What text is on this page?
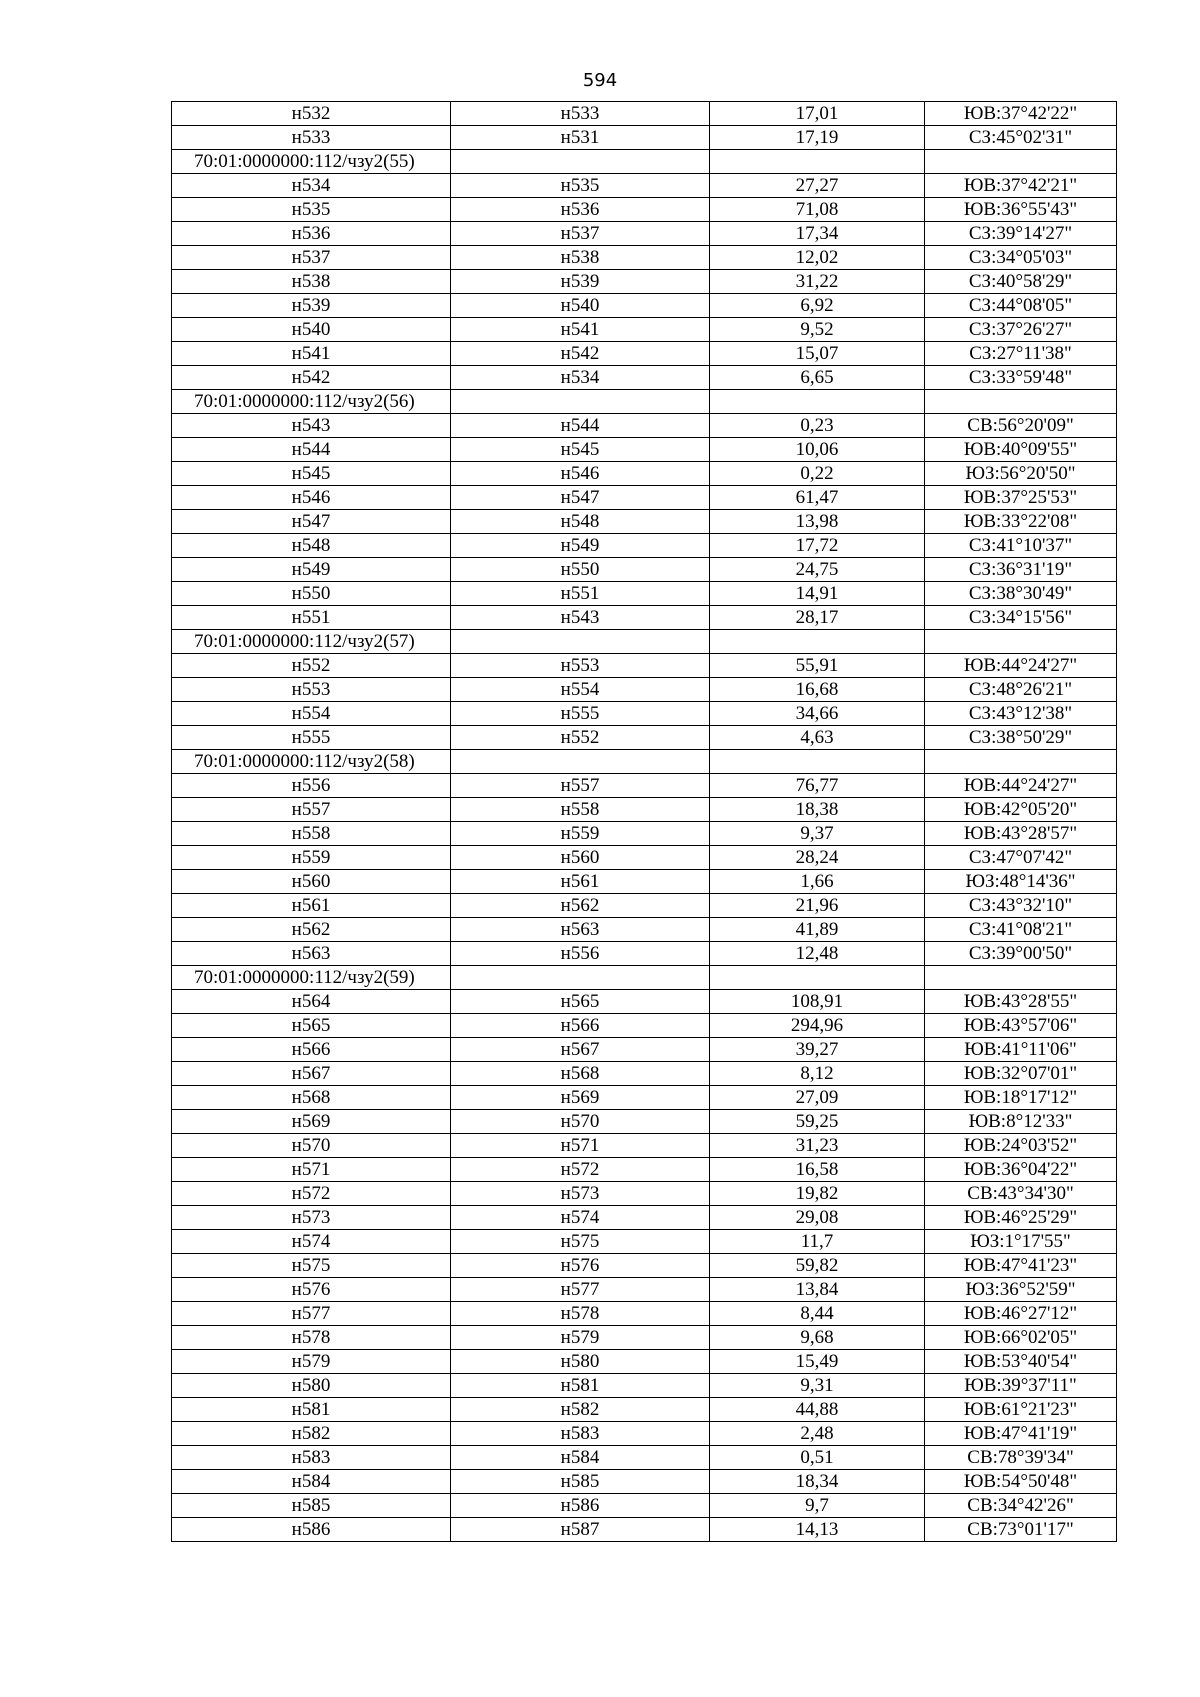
594
н532	н533	17,01	ЮВ:37°42'22"
н533	н531	17,19	СЗ:45°02'31"
70:01:0000000:112/чзу2(55)			
н534	н535	27,27	ЮВ:37°42'21"
н535	н536	71,08	ЮВ:36°55'43"
н536	н537	17,34	СЗ:39°14'27"
н537	н538	12,02	СЗ:34°05'03"
н538	н539	31,22	СЗ:40°58'29"
н539	н540	6,92	СЗ:44°08'05"
н540	н541	9,52	СЗ:37°26'27"
н541	н542	15,07	СЗ:27°11'38"
н542	н534	6,65	СЗ:33°59'48"
70:01:0000000:112/чзу2(56)			
н543	н544	0,23	СВ:56°20'09"
н544	н545	10,06	ЮВ:40°09'55"
н545	н546	0,22	ЮЗ:56°20'50"
н546	н547	61,47	ЮВ:37°25'53"
н547	н548	13,98	ЮВ:33°22'08"
н548	н549	17,72	СЗ:41°10'37"
н549	н550	24,75	СЗ:36°31'19"
н550	н551	14,91	СЗ:38°30'49"
н551	н543	28,17	СЗ:34°15'56"
70:01:0000000:112/чзу2(57)			
н552	н553	55,91	ЮВ:44°24'27"
н553	н554	16,68	СЗ:48°26'21"
н554	н555	34,66	СЗ:43°12'38"
н555	н552	4,63	СЗ:38°50'29"
70:01:0000000:112/чзу2(58)			
н556	н557	76,77	ЮВ:44°24'27"
н557	н558	18,38	ЮВ:42°05'20"
н558	н559	9,37	ЮВ:43°28'57"
н559	н560	28,24	СЗ:47°07'42"
н560	н561	1,66	ЮЗ:48°14'36"
н561	н562	21,96	СЗ:43°32'10"
н562	н563	41,89	СЗ:41°08'21"
н563	н556	12,48	СЗ:39°00'50"
70:01:0000000:112/чзу2(59)			
н564	н565	108,91	ЮВ:43°28'55"
н565	н566	294,96	ЮВ:43°57'06"
н566	н567	39,27	ЮВ:41°11'06"
н567	н568	8,12	ЮВ:32°07'01"
н568	н569	27,09	ЮВ:18°17'12"
н569	н570	59,25	ЮВ:8°12'33"
н570	н571	31,23	ЮВ:24°03'52"
н571	н572	16,58	ЮВ:36°04'22"
н572	н573	19,82	СВ:43°34'30"
н573	н574	29,08	ЮВ:46°25'29"
н574	н575	11,7	ЮЗ:1°17'55"
н575	н576	59,82	ЮВ:47°41'23"
н576	н577	13,84	ЮЗ:36°52'59"
н577	н578	8,44	ЮВ:46°27'12"
н578	н579	9,68	ЮВ:66°02'05"
н579	н580	15,49	ЮВ:53°40'54"
н580	н581	9,31	ЮВ:39°37'11"
н581	н582	44,88	ЮВ:61°21'23"
н582	н583	2,48	ЮВ:47°41'19"
н583	н584	0,51	СВ:78°39'34"
н584	н585	18,34	ЮВ:54°50'48"
н585	н586	9,7	СВ:34°42'26"
н586	н587	14,13	СВ:73°01'17"
